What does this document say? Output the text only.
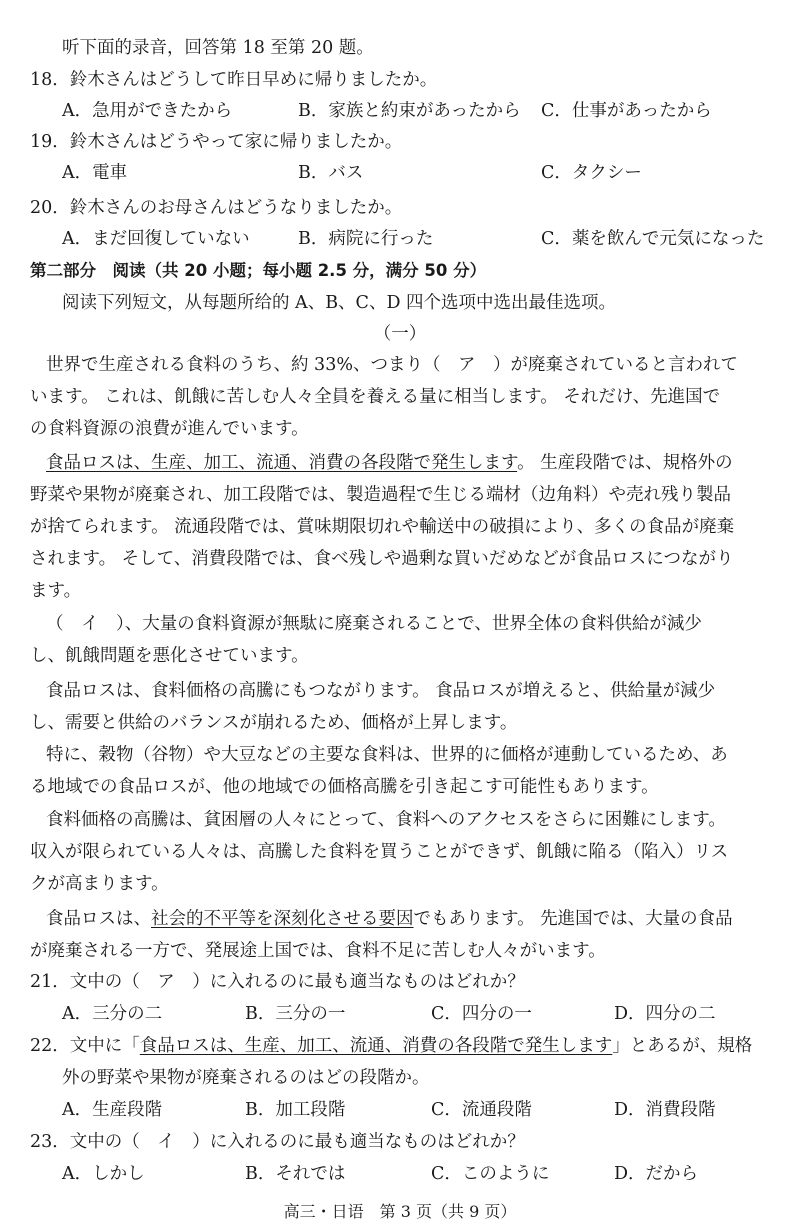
听下面的录音，回答第 18 至第 20 题。
18．鈴木さんはどうして昨日早めに帰りましたか。
A．急用ができたから	B．家族と約束があったから C．仕事があったから
19．鈴木さんはどうやって家に帰りましたか。
A．電車	B．バス	C．タクシー
20．鈴木さんのお母さんはどうなりましたか。
A．まだ回復していない	B．病院に行った	C．薬を飲んで元気になった
第二部分　阅读（共 20 小题；每小题 2.5 分，满分 50 分）
阅读下列短文，从每题所给的 A、B、C、D 四个选项中选出最佳选项。
（一）
世界で生産される食料のうち、約 33%、つまり（　ア　）が廃棄されていると言われて
います。 これは、飢餓に苦しむ人々全員を養える量に相当します。 それだけ、先進国で
の食料資源の浪費が進んでいます。
食品ロスは、生産、加工、流通、消費の各段階で発生します。 生産段階では、規格外の
野菜や果物が廃棄され、加工段階では、製造過程で生じる端材（边角料）や売れ残り製品
が捨てられます。 流通段階では、賞味期限切れや輸送中の破損により、多くの食品が廃棄
されます。 そして、消費段階では、食べ残しや過剰な買いだめなどが食品ロスにつながり
ます。
（　イ　）、大量の食料資源が無駄に廃棄されることで、世界全体の食料供給が減少
し、飢餓問題を悪化させています。
食品ロスは、食料価格の高騰にもつながります。 食品ロスが増えると、供給量が減少
し、需要と供給のバランスが崩れるため、価格が上昇します。
特に、穀物（谷物）や大豆などの主要な食料は、世界的に価格が連動しているため、あ
る地域での食品ロスが、他の地域での価格高騰を引き起こす可能性もあります。
食料価格の高騰は、貧困層の人々にとって、食料へのアクセスをさらに困難にします。
収入が限られている人々は、高騰した食料を買うことができず、飢餓に陥る（陷入）リス
クが高まります。
食品ロスは、社会的不平等を深刻化させる要因でもあります。 先進国では、大量の食品
が廃棄される一方で、発展途上国では、食料不足に苦しむ人々がいます。
21．文中の（　ア　）に入れるのに最も適当なものはどれか？
A．三分の二	B．三分の一	C．四分の一	D．四分の二
22．文中に「食品ロスは、生産、加工、流通、消費の各段階で発生します」とあるが、規格
外の野菜や果物が廃棄されるのはどの段階か。
A．生産段階	B．加工段階	C．流通段階	D．消費段階
23．文中の（　イ　）に入れるのに最も適当なものはどれか？
A．しかし	B．それでは	C．このように	D．だから
高三・日语　第 3 页（共 9 页）
